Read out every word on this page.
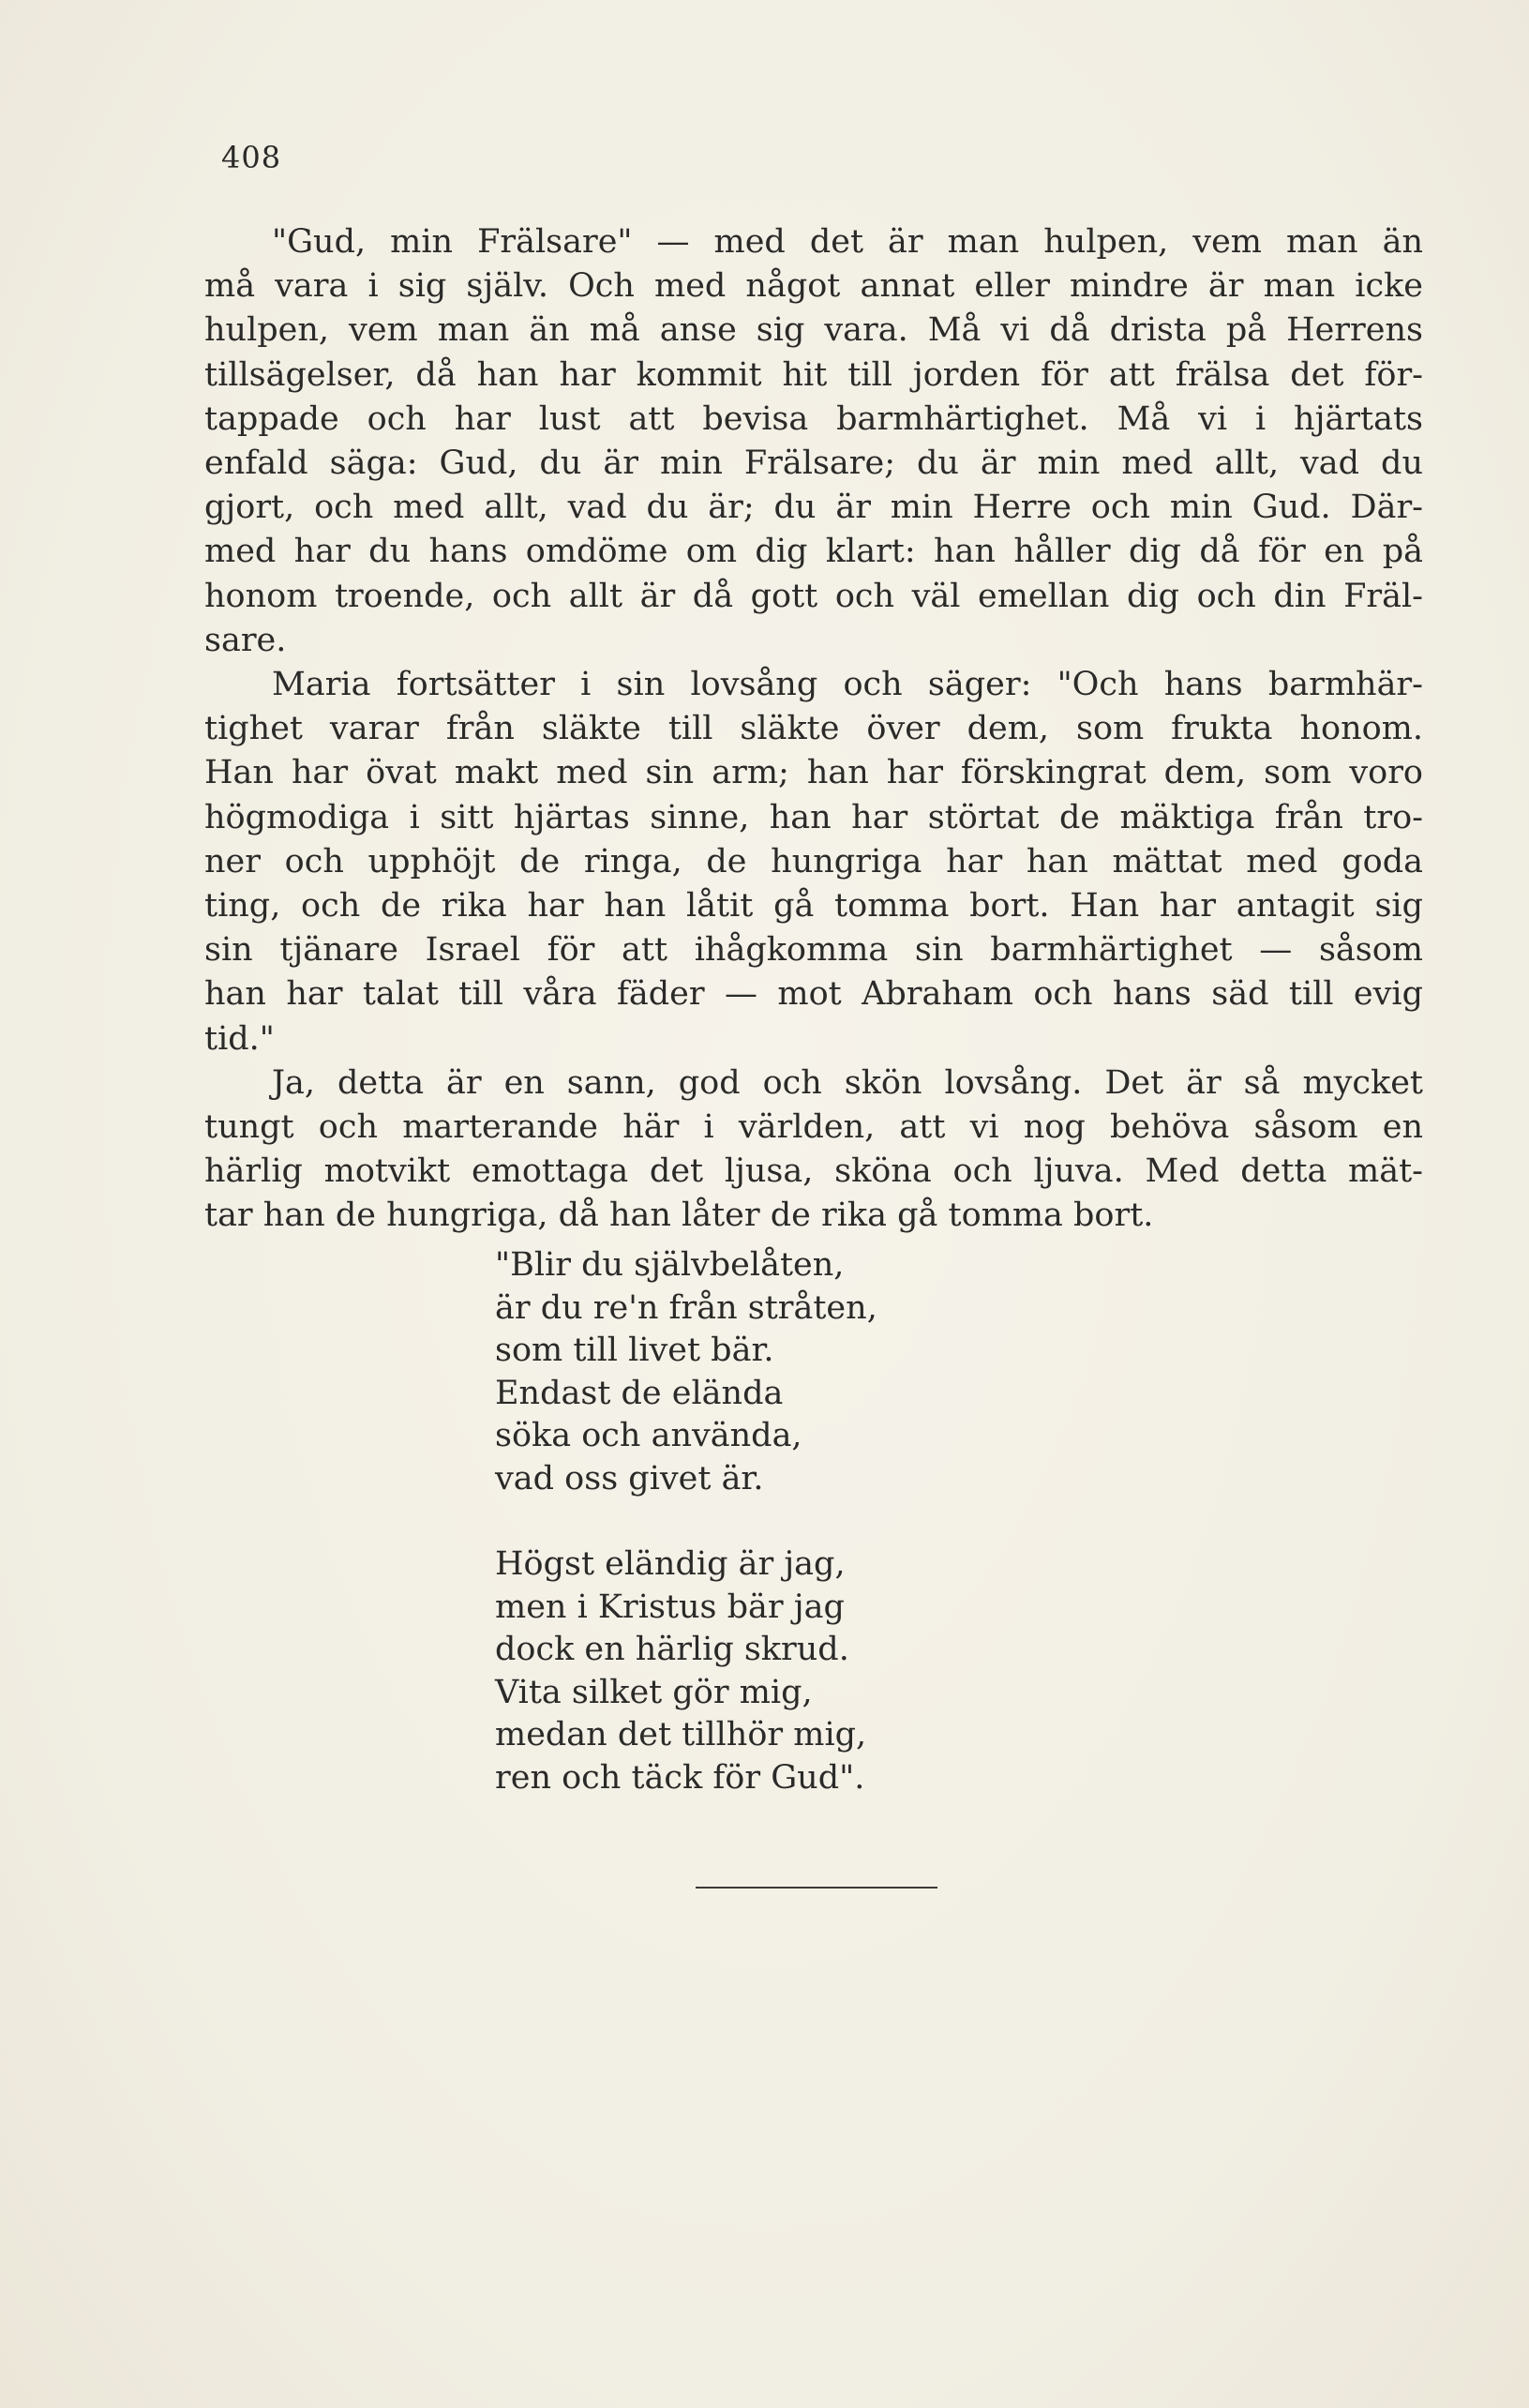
408
"Gud, min Frälsare" — med det är man hulpen, vem man än
må vara i sig själv. Och med något annat eller mindre är man icke
hulpen, vem man än må anse sig vara. Må vi då drista på Herrens
tillsägelser, då han har kommit hit till jorden för att frälsa det för-
tappade och har lust att bevisa barmhärtighet. Må vi i hjärtats
enfald säga: Gud, du är min Frälsare; du är min med allt, vad du
gjort, och med allt, vad du är; du är min Herre och min Gud. Där-
med har du hans omdöme om dig klart: han håller dig då för en på
honom troende, och allt är då gott och väl emellan dig och din Fräl-
sare.
Maria fortsätter i sin lovsång och säger: "Och hans barmhär-
tighet varar från släkte till släkte över dem, som frukta honom.
Han har övat makt med sin arm; han har förskingrat dem, som voro
högmodiga i sitt hjärtas sinne, han har störtat de mäktiga från tro-
ner och upphöjt de ringa, de hungriga har han mättat med goda
ting, och de rika har han låtit gå tomma bort. Han har antagit sig
sin tjänare Israel för att ihågkomma sin barmhärtighet — såsom
han har talat till våra fäder — mot Abraham och hans säd till evig
tid."
Ja, detta är en sann, god och skön lovsång. Det är så mycket
tungt och marterande här i världen, att vi nog behöva såsom en
härlig motvikt emottaga det ljusa, sköna och ljuva. Med detta mät-
tar han de hungriga, då han låter de rika gå tomma bort.
"Blir du självbelåten,
är du re'n från stråten,
som till livet bär.
Endast de elända
söka och använda,
vad oss givet är.
Högst eländig är jag,
men i Kristus bär jag
dock en härlig skrud.
Vita silket gör mig,
medan det tillhör mig,
ren och täck för Gud".
